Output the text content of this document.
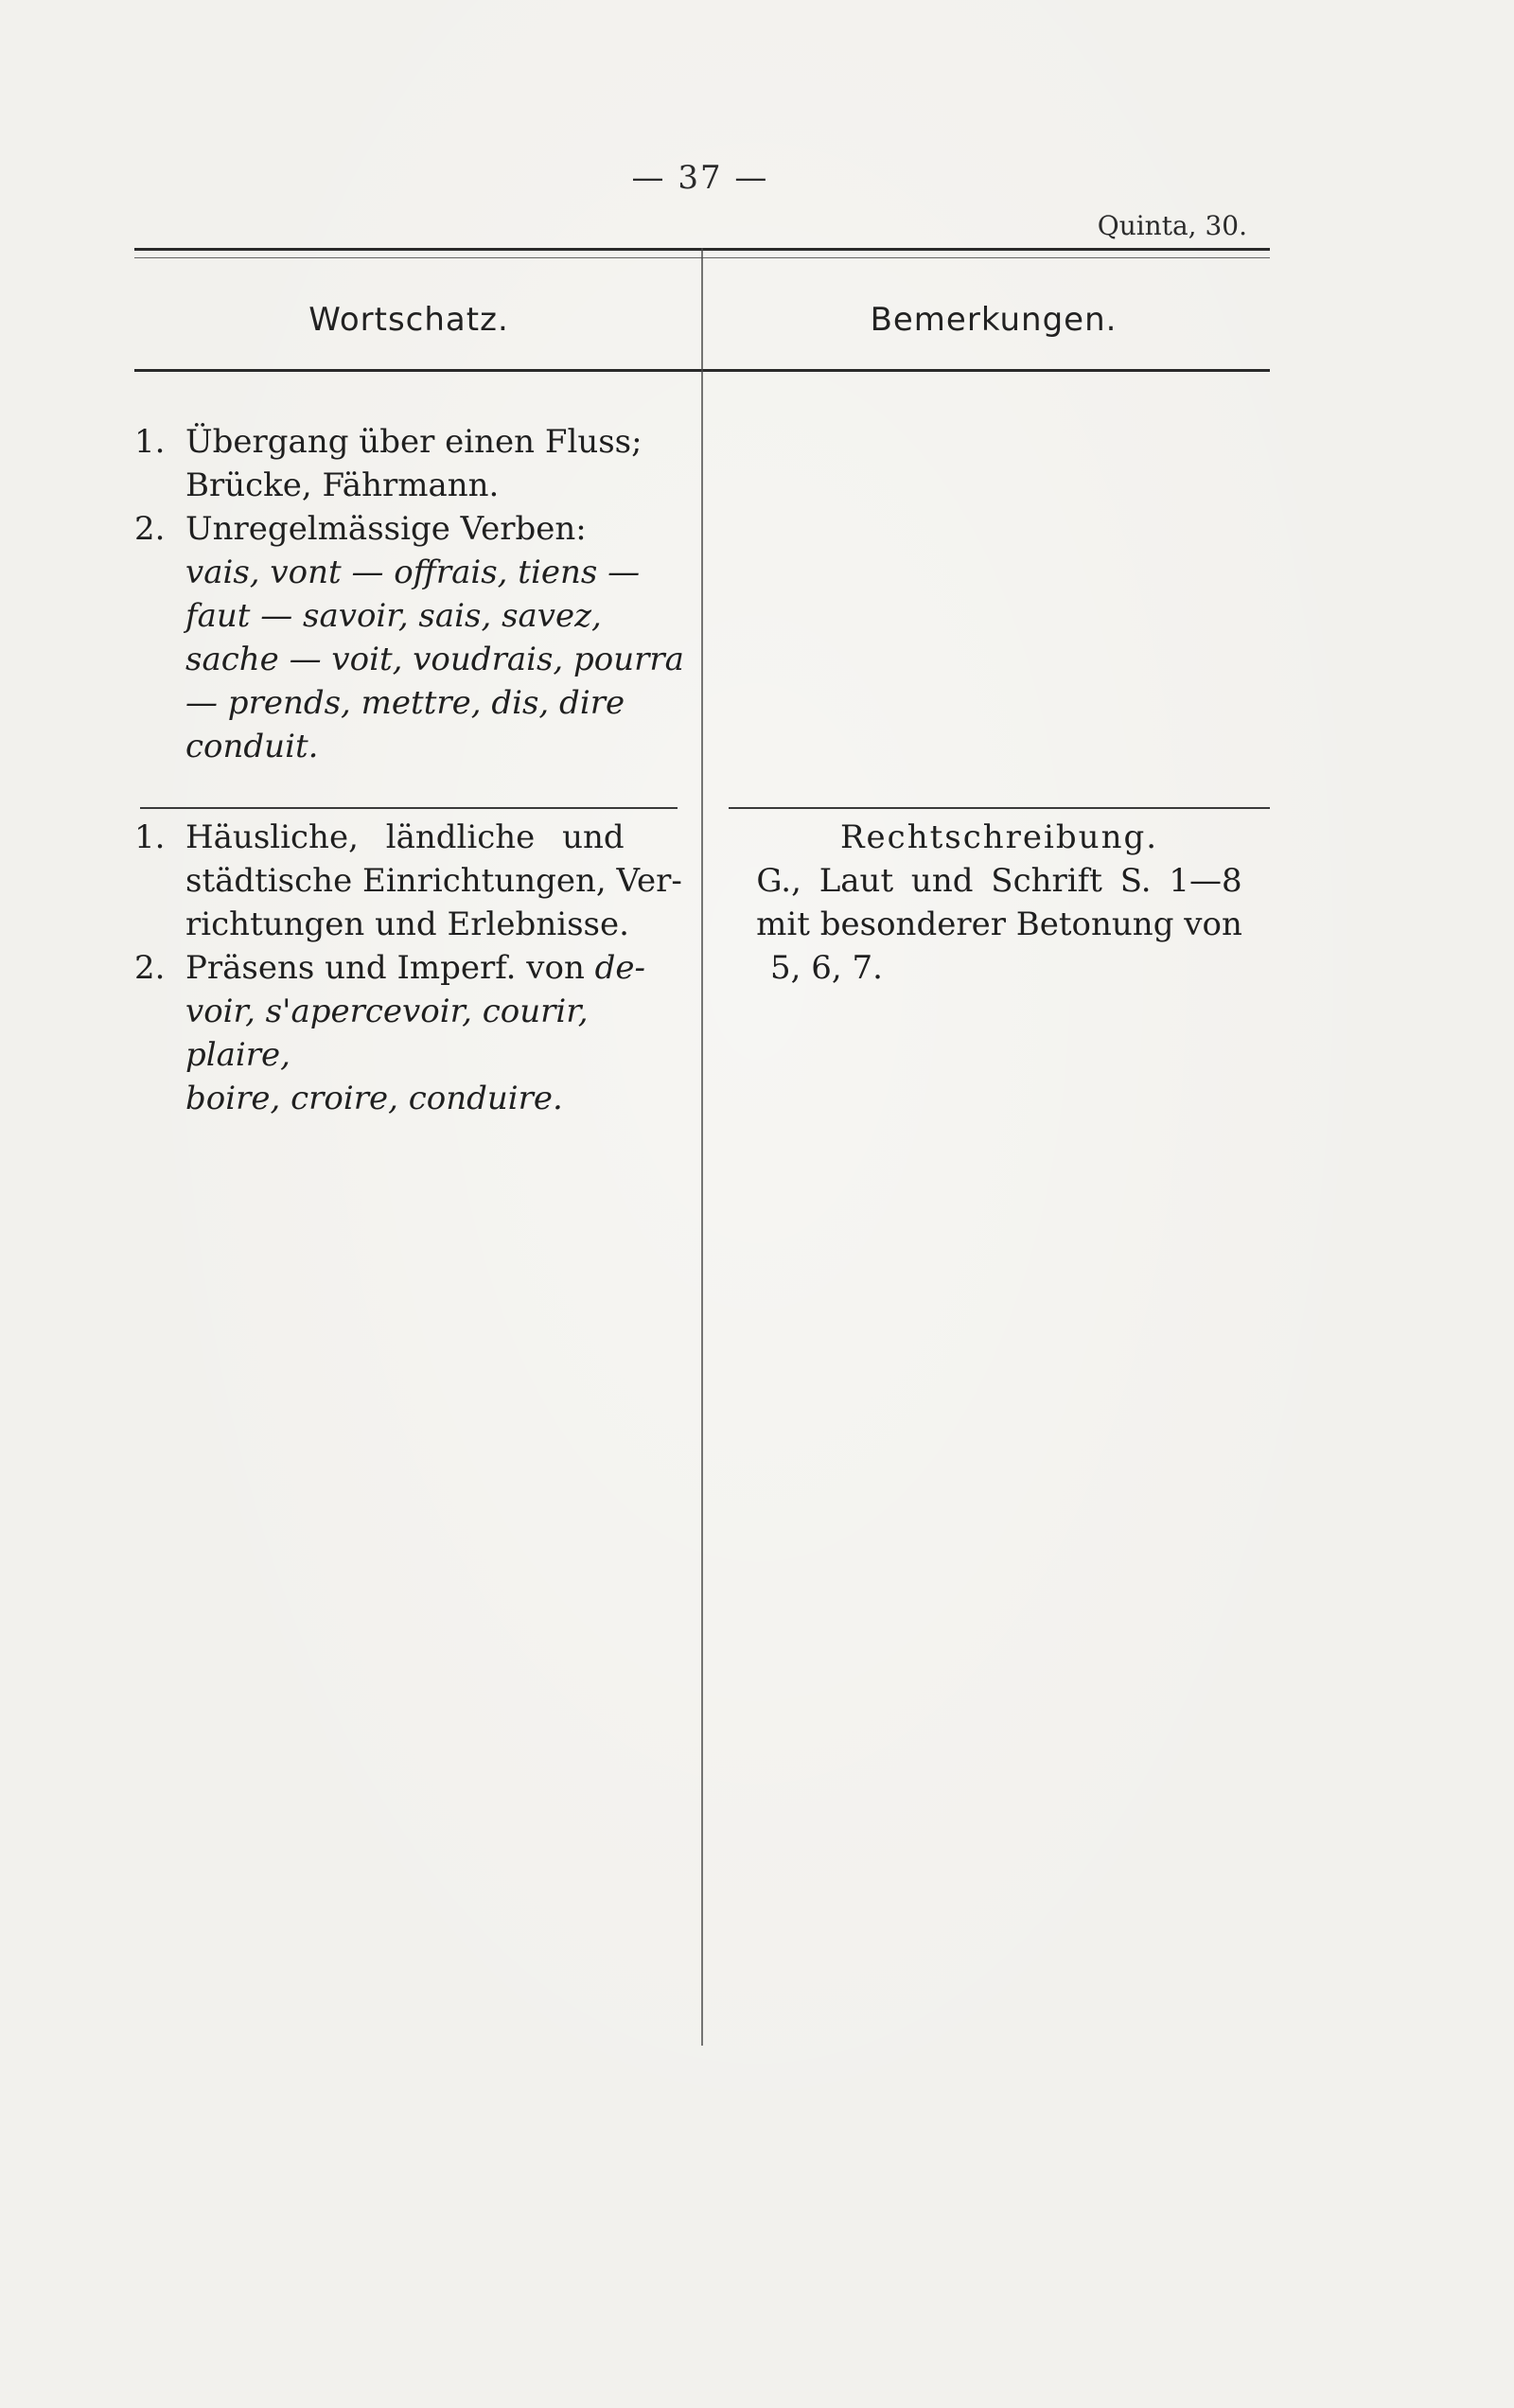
— 37 —
Quinta, 30.
Wortschatz.	Bemerkungen.
1. Übergang über einen Fluss;
Brücke, Fährmann.
2. Unregelmässige Verben:
vais, vont — offrais, tiens —
faut — savoir, sais, savez,
sache — voit, voudrais, pourra
— prends, mettre, dis, dire
conduit.
1. Häusliche, ländliche und
städtische Einrichtungen, Ver-
richtungen und Erlebnisse.
2. Präsens und Imperf. von de-
voir, s'apercevoir, courir, plaire,
boire, croire, conduire.
Rechtschreibung.
G., Laut und Schrift S. 1—8
mit besonderer Betonung von
5, 6, 7.
